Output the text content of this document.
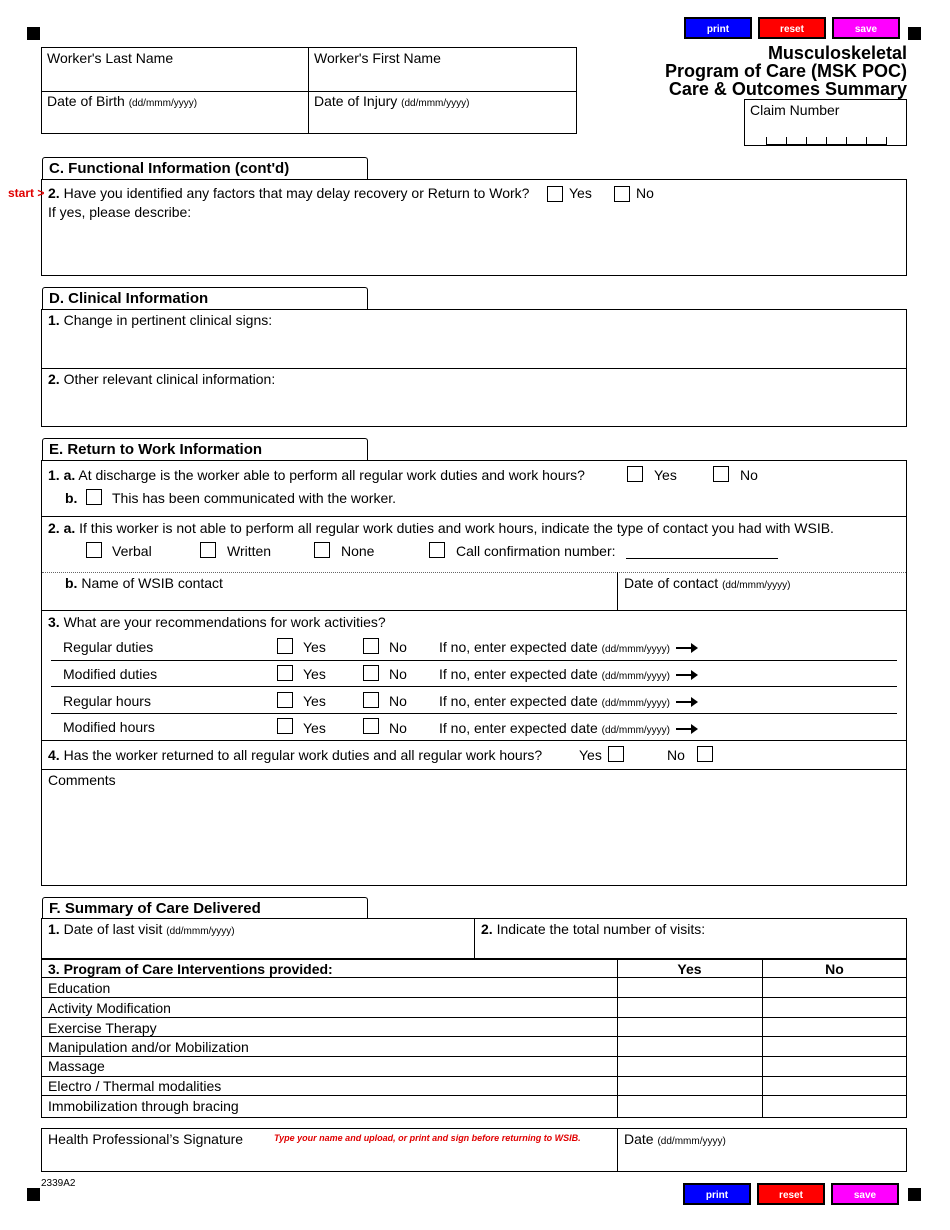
print	reset	save
Musculoskeletal
Program of Care (MSK POC)
Care & Outcomes Summary
Claim Number
Worker's Last Name	Worker's First Name
Date of Birth (dd/mmm/yyyy)	Date of Injury (dd/mmm/yyyy)
C. Functional Information (cont'd)
start > 2. Have you identified any factors that may delay recovery or Return to Work?	Yes	No
If yes, please describe:
D. Clinical Information
1. Change in pertinent clinical signs:
2. Other relevant clinical information:
E. Return to Work Information
1. a. At discharge is the worker able to perform all regular work duties and work hours?	Yes	No
b. This has been communicated with the worker.
2. a. If this worker is not able to perform all regular work duties and work hours, indicate the type of contact you had with WSIB.
Verbal	Written	None	Call confirmation number:
b. Name of WSIB contact	Date of contact (dd/mmm/yyyy)
3. What are your recommendations for work activities?
Regular duties	Yes	No If no, enter expected date (dd/mmm/yyyy)
Modified duties	Yes	No If no, enter expected date (dd/mmm/yyyy)
Regular hours	Yes	No If no, enter expected date (dd/mmm/yyyy)
Modified hours	Yes	No If no, enter expected date (dd/mmm/yyyy)
4. Has the worker returned to all regular work duties and all regular work hours?	Yes	No
Comments
F. Summary of Care Delivered
1. Date of last visit (dd/mmm/yyyy)	2. Indicate the total number of visits:
3. Program of Care Interventions provided:	Yes	No
Education
Activity Modification
Exercise Therapy
Manipulation and/or Mobilization
Massage
Electro / Thermal modalities
Immobilization through bracing
Health Professional’s Signature	Type your name and upload, or print and sign before returning to WSIB.	Date (dd/mmm/yyyy)
2339A2
print	reset	save
